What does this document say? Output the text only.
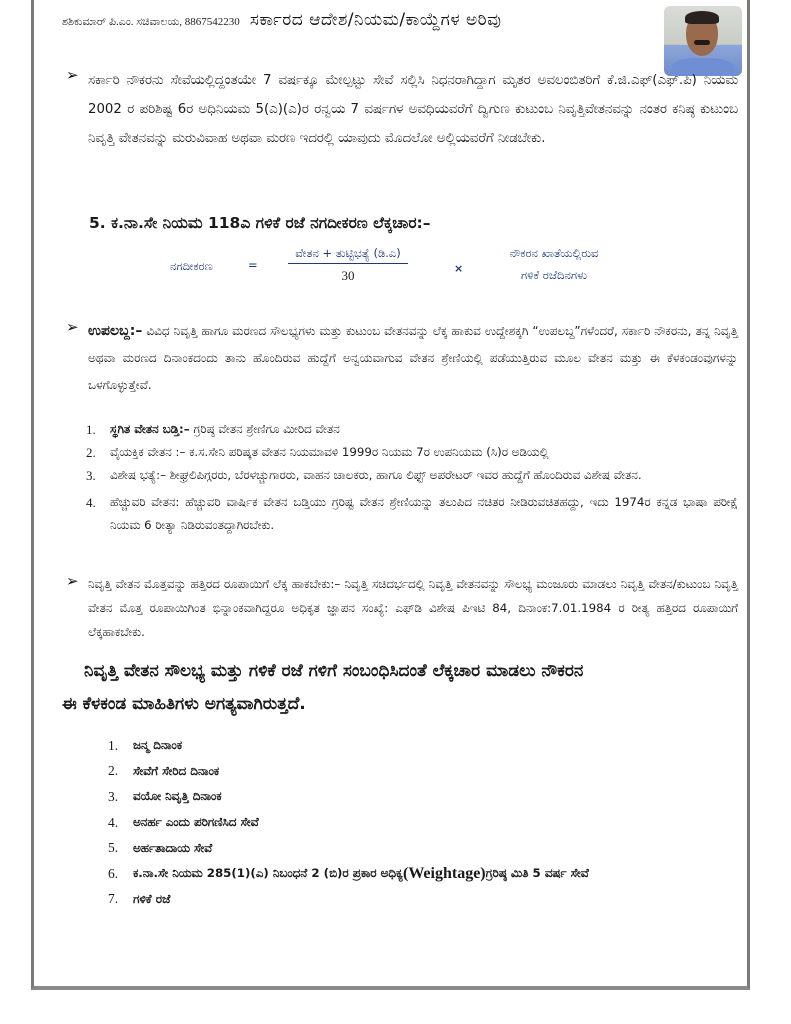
ಶಶಿಕುಮಾರ್ ಪಿ.ಎಂ. ಸಚಿವಾಲಯ, 8867542230 ಸರ್ಕಾರದ ಆದೇಶ/ನಿಯಮ/ಕಾಯ್ದೆಗಳ ಅರಿವು
➢ ಸರ್ಕಾರಿ ನೌಕರನು ಸೇವೆಯಲ್ಲಿದ್ದಂತಯೇ 7 ವರ್ಷಕ್ಕೂ ಮೇಲ್ಪಟ್ಟು ಸೇವೆ ಸಲ್ಲಿಸಿ ನಿಧನರಾಗಿದ್ದಾಗ ಮೃತರ ಅವಲಂಬಿತರಿಗೆ ಕೆ.ಜಿ.ಎಫ್(ಎಫ್.ಪಿ) ನಿಯಮ 2002 ರ ಪರಿಶಿಷ್ಟ 6ರ ಅಧಿನಿಯಮ 5(ಎ)(ಎ)ರ ರನ್ವಯ 7 ವರ್ಷಗಳ ಅವಧಿಯವರೆಗೆ ದ್ವಿಗುಣ ಕುಟುಂಬ ನಿವೃತ್ತಿವೇತನವನ್ನು ನಂತರ ಕನಿಷ್ಠ ಕುಟುಂಬ ನಿವೃತ್ತಿ ವೇತನವನ್ನು ಮರುವಿವಾಹ ಅಥವಾ ಮರಣ ಇದರಲ್ಲಿ ಯಾವುದು ಮೊದಲೋ ಅಲ್ಲಿಯವರೆಗೆ ನೀಡಬೇಕು.
5. ಕ.ನಾ.ಸೇ ನಿಯಮ 118ಎ ಗಳಿಕೆ ರಜೆ ನಗದೀಕರಣ ಲೆಕ್ಕಚಾರ:–
ನಗದೀಕರಣ	=
ವೇತನ + ತುಟ್ಟಿಭತ್ಯೆ (ಡಿ.ಎ)
30	×
ನೌಕರನ ಖಾತೆಯಲ್ಲಿರುವ
ಗಳಿಕೆ ರಜೆದಿನಗಳು
➢ ಉಪಲಬ್ದ:– ವಿವಿಧ ನಿವೃತ್ತಿ ಹಾಗೂ ಮರಣದ ಸೌಲಭ್ಯಗಳು ಮತ್ತು ಕುಟುಂಬ ವೇತನವನ್ನು ಲೆಕ್ಕ ಹಾಕುವ ಉದ್ದೇಶಕ್ಕಗಿ “ಉಪಲಬ್ದ”ಗಳೆಂದರೆ, ಸರ್ಕಾರಿ ನೌಕರನು, ತನ್ನ ನಿವೃತ್ತಿ ಅಥವಾ ಮರಣದ ದಿನಾಂಕದಂದು ತಾನು ಹೊಂದಿರುವ ಹುದ್ದೆಗೆ ಅನ್ವಯವಾಗುವ ವೇತನ ಶ್ರೇಣಿಯಲ್ಲಿ ಪಡೆಯುತ್ತಿರುವ ಮೂಲ ವೇತನ ಮತ್ತು ಈ ಕೆಳಕಂಡಂವುಗಳನ್ನು ಒಳಗೊಳ್ಳುತ್ತೇವೆ.
1.	ಸ್ಥಗಿತ ವೇತನ ಬಡ್ತಿ:– ಗ್ರರಿಷ್ಠ ವೇತನ ಶ್ರೇಣಿಗೂ ಮೀರಿದ ವೇತನ
2.	ವೈಯಕ್ತಿಕ ವೇತನ :– ಕ.ಸ.ಸೇನಿ ಪರಿಷ್ಕತ ವೇತನ ನಿಯಮಾವಳಿ 1999ರ ನಿಯಮ 7ರ ಉಪನಿಯಮ (ಸಿ)ರ ಅಡಿಯಲ್ಲಿ
3.	ವಿಶೇಷ ಭತ್ಯೆ:– ಶೀಘ್ರಲಿಪಿಗ್ಗರರು, ಬೆರಳಚ್ಚುಗಾರರು, ವಾಹನ ಚಾಲಕರು, ಹಾಗೂ ಲಿಫ್ಟ್ ಅಪರೇಟರ್ ಇವರ ಹುದ್ದೆಗೆ ಹೊಂದಿರುವ ವಿಶೇಷ ವೇತನ.
4.	ಹೆಚ್ಚುವರಿ ವೇತನ: ಹೆಚ್ಚುವರಿ ವಾರ್ಷಿಕ ವೇತನ ಬಡ್ತಿಯು ಗ್ರರಿಷ್ಟ ವೇತನ ಶ್ರೇಣಿಯನ್ನು ತಲುಪಿದ ನಚಿತರ ನೀಡಿರುವಚಿತಹದ್ದು, ಇದು 1974ರ ಕನ್ನಡ ಭಾಷಾ ಪರೀಕ್ಷೆ ನಿಯಮ 6 ರೀತ್ಯಾ ನಿಡಿರುವಂತದ್ದಾಗಿರಬೇಕು.
➢ ನಿವೃತ್ತಿ ವೇತನ ಮೊತ್ತವನ್ನು ಹತ್ತಿರದ ರೂಪಾಯಿಗೆ ಲೆಕ್ಕ ಹಾಕಬೇಕು:– ನಿವೃತ್ತಿ ಸಚಿದರ್ಭದಲ್ಲಿ ನಿವೃತ್ತಿ ವೇತನವನ್ನು ಸೌಲಭ್ಯ ಮಂಜೂರು ಮಾಡಲು ನಿವೃತ್ತಿ ವೇತನ/ಕುಟುಂಬ ನಿವೃತ್ತಿ ವೇತನ ಮೊತ್ತ ರೂಪಾಯಿಗಿಂತ ಭಿನ್ನಾಂಕವಾಗಿದ್ದರೂ ಅಧಿಕೃತ ಜ್ಞಾಪನ ಸಂಖ್ಯೆ: ಎಫ್‌ಡಿ ವಿಶೇಷ ಪಿಇಟಿ 84, ದಿನಾಂಕ:7.01.1984 ರ ರೀತ್ಯ ಹತ್ತಿರದ ರೂಪಾಯಿಗೆ ಲೆಕ್ಕಹಾಕಬೇಕು.
ನಿವೃತ್ತಿ ವೇತನ ಸೌಲಭ್ಯ ಮತ್ತು ಗಳಿಕೆ ರಜೆ ಗಳಿಗೆ ಸಂಬಂಧಿಸಿದಂತೆ ಲೆಕ್ಕಚಾರ ಮಾಡಲು ನೌಕರನ
ಈ ಕೆಳಕಂಡ ಮಾಹಿತಿಗಳು ಅಗತ್ಯವಾಗಿರುತ್ತದೆ.
1.	ಜನ್ಮ ದಿನಾಂಕ
2.	ಸೇವೆಗೆ ಸೇರಿದ ದಿನಾಂಕ
3.	ವಯೋ ನಿವೃತ್ತಿ ದಿನಾಂಕ
4.	ಅನರ್ಹ ಎಂದು ಪರಿಗಣಿಸಿದ ಸೇವೆ
5.	ಅರ್ಹತಾದಾಯ ಸೇವೆ
6.	ಕ.ನಾ.ಸೇ ನಿಯಮ 285(1)(ಎ) ನಿಬಂಧನೆ 2 (ಬಿ)ರ ಪ್ರಕಾರ ಅಧಿಕ್ಯ (Weightage) ಗ್ರರಿಷ್ಠ ಮಿತಿ 5 ವರ್ಷ ಸೇವೆ
7.	ಗಳಿಕೆ ರಜೆ
